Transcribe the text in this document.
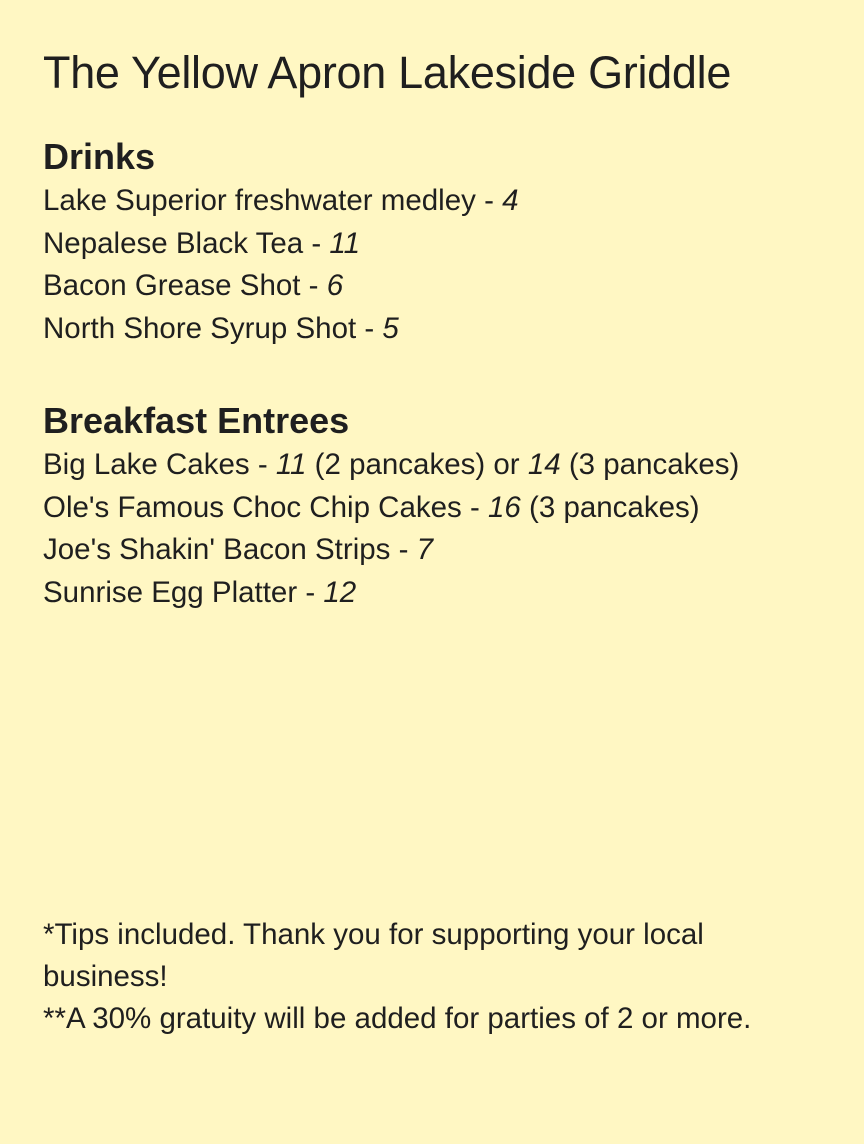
The Yellow Apron Lakeside Griddle
Drinks
Lake Superior freshwater medley - 4
Nepalese Black Tea - 11
Bacon Grease Shot - 6
North Shore Syrup Shot - 5
Breakfast Entrees
Big Lake Cakes - 11 (2 pancakes) or 14 (3 pancakes)
Ole's Famous Choc Chip Cakes - 16 (3 pancakes)
Joe's Shakin' Bacon Strips - 7
Sunrise Egg Platter - 12

*Tips included. Thank you for supporting your local business!

**A 30% gratuity will be added for parties of 2 or more.
